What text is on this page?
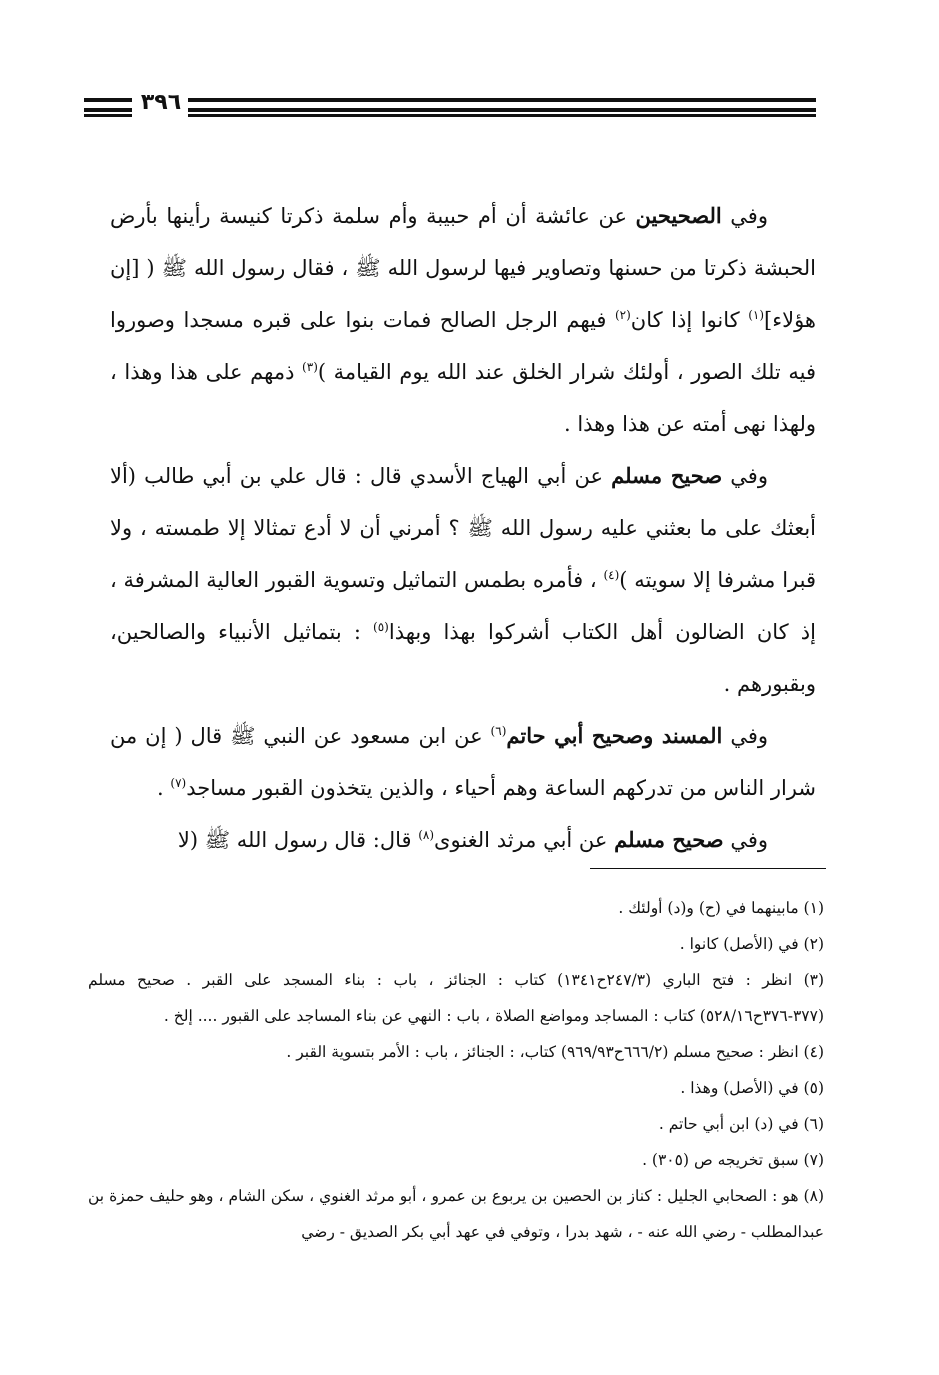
٣٩٦

وفي الصحيحين عن عائشة أن أم حبيبة وأم سلمة ذكرتا كنيسة رأينها بأرض الحبشة ذكرتا من حسنها وتصاوير فيها لرسول الله ﷺ ، فقال رسول الله ﷺ ( [إن هؤلاء]$^{(١)}$ كانوا إذا كان$^{(٢)}$ فيهم الرجل الصالح فمات بنوا على قبره مسجدا وصوروا فيه تلك الصور ، أولئك شرار الخلق عند الله يوم القيامة )$^{(٣)}$ ذمهم على هذا وهذا ، ولهذا نهى أمته عن هذا وهذا .

وفي صحيح مسلم عن أبي الهياج الأسدي قال : قال علي بن أبي طالب (ألا أبعثك على ما بعثني عليه رسول الله ﷺ ؟ أمرني أن لا أدع تمثالا إلا طمسته ، ولا قبرا مشرفا إلا سويته )$^{(٤)}$ ، فأمره بطمس التماثيل وتسوية القبور العالية المشرفة ، إذ كان الضالون أهل الكتاب أشركوا بهذا وبهذا$^{(٥)}$ : بتماثيل الأنبياء والصالحين، وبقبورهم .

وفي المسند وصحيح أبي حاتم$^{(٦)}$ عن ابن مسعود عن النبي ﷺ قال ( إن من شرار الناس من تدركهم الساعة وهم أحياء ، والذين يتخذون القبور مساجد$^{(٧)}$ .

وفي صحيح مسلم عن أبي مرثد الغنوى$^{(٨)}$ قال: قال رسول الله ﷺ (لا

(١) مابينهما في (ح) و(د) أولئك .

(٢) في (الأصل) كانوا .

(٣) انظر : فتح الباري (٢٤٧/٣ح١٣٤١) كتاب : الجنائز ، باب : بناء المسجد على القبر . صحيح مسلم (٣٧٧-٣٧٦ح٥٢٨/١٦) كتاب : المساجد ومواضع الصلاة ، باب : النهي عن بناء المساجد على القبور .... إلخ .

(٤) انظر : صحيح مسلم (٦٦٦/٢ح٩٦٩/٩٣) كتاب، : الجنائز ، باب : الأمر بتسوية القبر .

(٥) في (الأصل) وهذا .

(٦) في (د) ابن أبي حاتم .

(٧) سبق تخريجه ص (٣٠٥) .

(٨) هو : الصحابي الجليل : كناز بن الحصين بن يربوع بن عمرو ، أبو مرثد الغنوي ، سكن الشام ، وهو حليف حمزة بن عبدالمطلب - رضي الله عنه - ، شهد بدرا ، وتوفي في عهد أبي بكر الصديق - رضي
